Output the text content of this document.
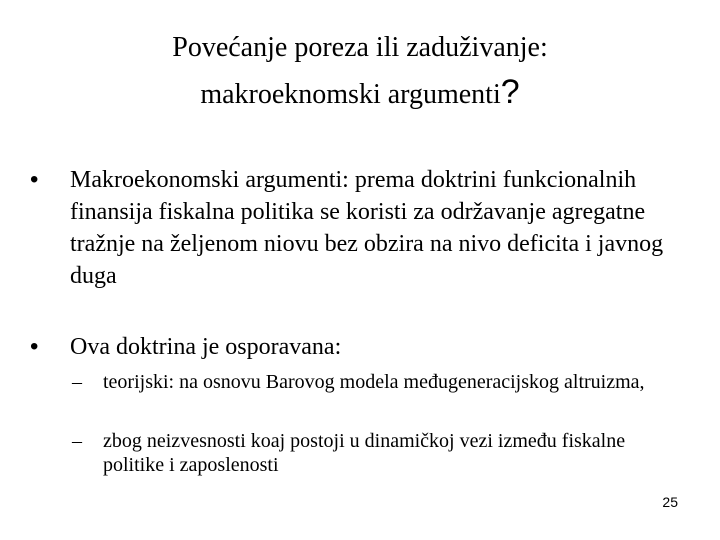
Povećanje poreza ili zaduživanje:
makroeknomski argumenti?
• Makroekonomski argumenti: prema doktrini funkcionalnih finansija fiskalna politika se koristi za održavanje agregatne tražnje na željenom niovu bez obzira na nivo deficita i javnog duga
• Ova doktrina je osporavana:
– teorijski: na osnovu Barovog modela međugeneracijskog altruizma,
– zbog neizvesnosti koaj postoji u dinamičkoj vezi između fiskalne politike i zaposlenosti
25
